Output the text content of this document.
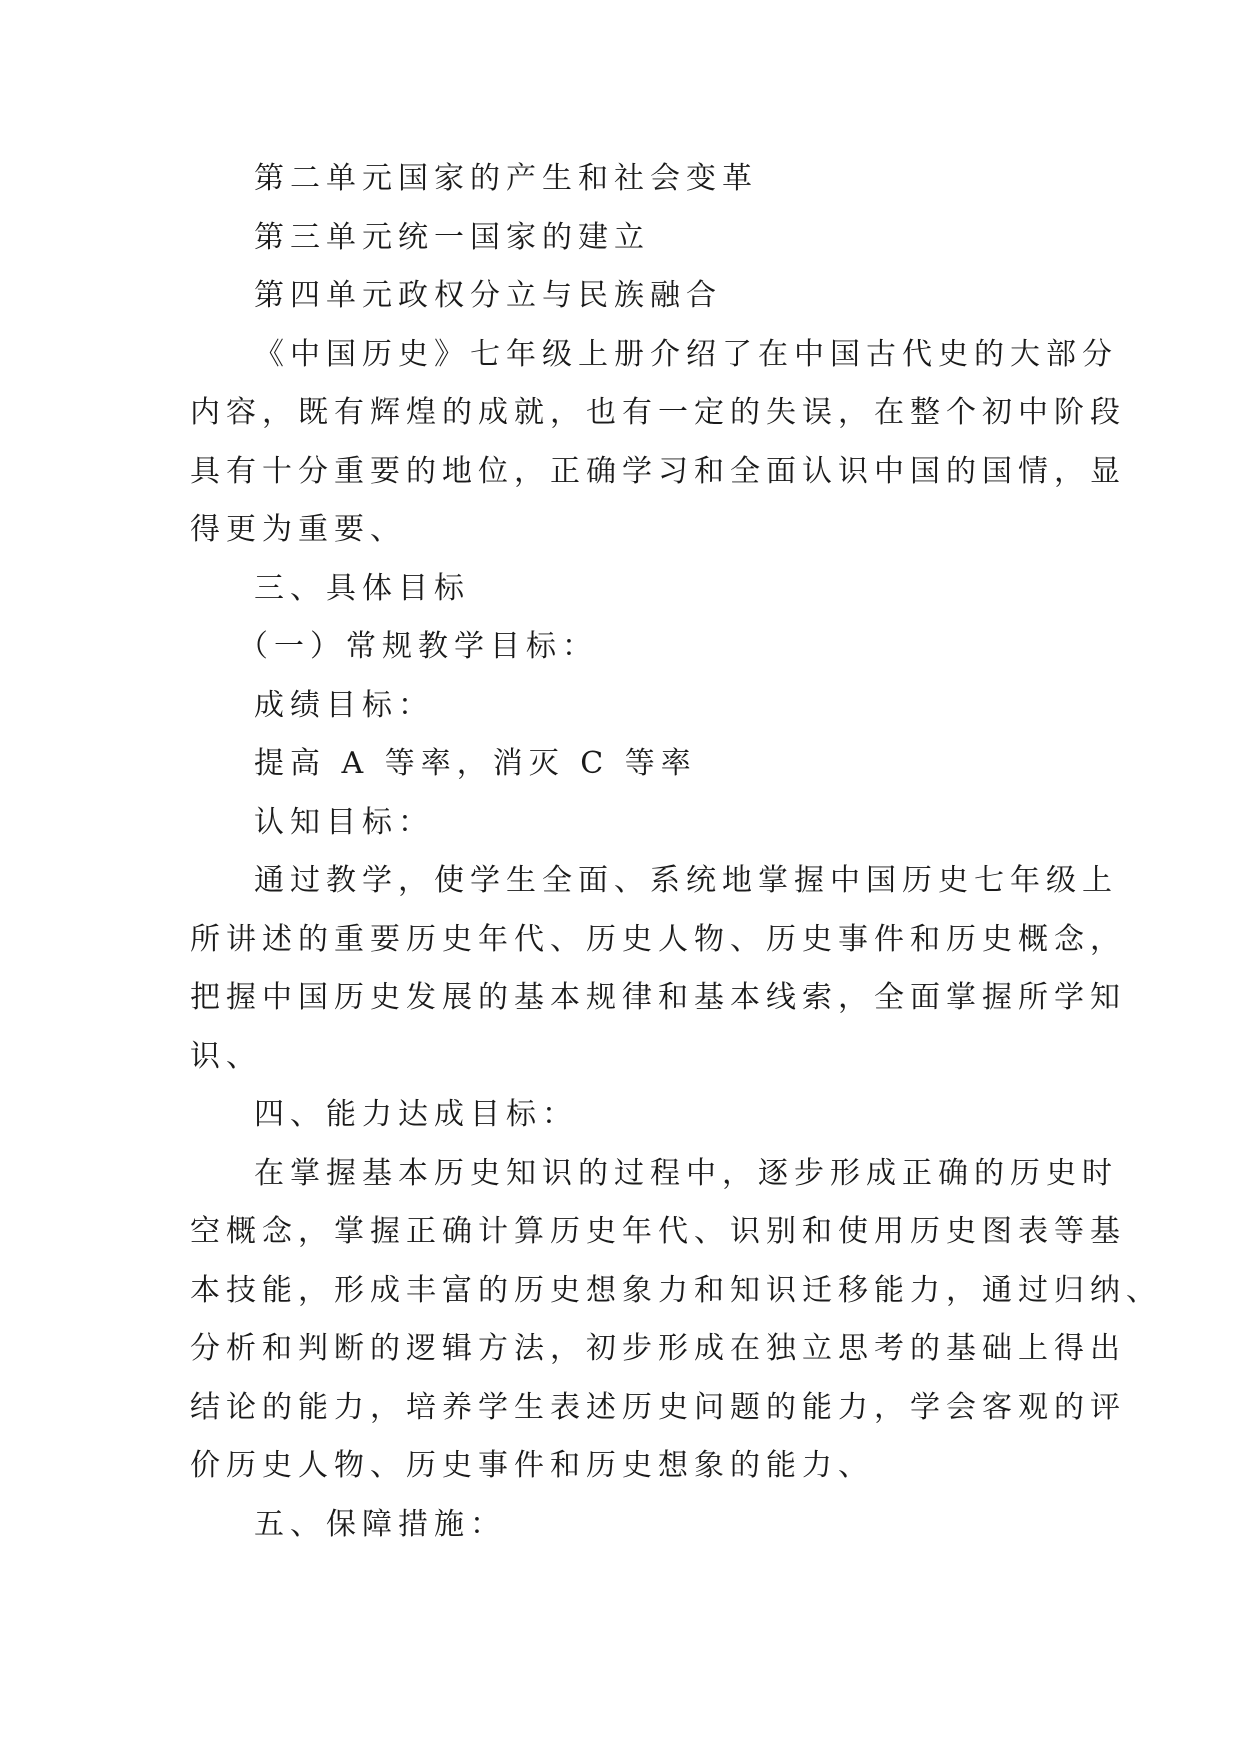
第二单元国家的产生和社会变革
第三单元统一国家的建立
第四单元政权分立与民族融合
《中国历史》七年级上册介绍了在中国古代史的大部分
内容，既有辉煌的成就，也有一定的失误，在整个初中阶段
具有十分重要的地位，正确学习和全面认识中国的国情，显
得更为重要、
三、具体目标
（一）常规教学目标：
成绩目标：
提高 A 等率，消灭 C 等率
认知目标：
通过教学，使学生全面、系统地掌握中国历史七年级上
所讲述的重要历史年代、历史人物、历史事件和历史概念，
把握中国历史发展的基本规律和基本线索，全面掌握所学知
识、
四、能力达成目标：
在掌握基本历史知识的过程中，逐步形成正确的历史时
空概念，掌握正确计算历史年代、识别和使用历史图表等基
本技能，形成丰富的历史想象力和知识迁移能力，通过归纳、
分析和判断的逻辑方法，初步形成在独立思考的基础上得出
结论的能力，培养学生表述历史问题的能力，学会客观的评
价历史人物、历史事件和历史想象的能力、
五、保障措施：
